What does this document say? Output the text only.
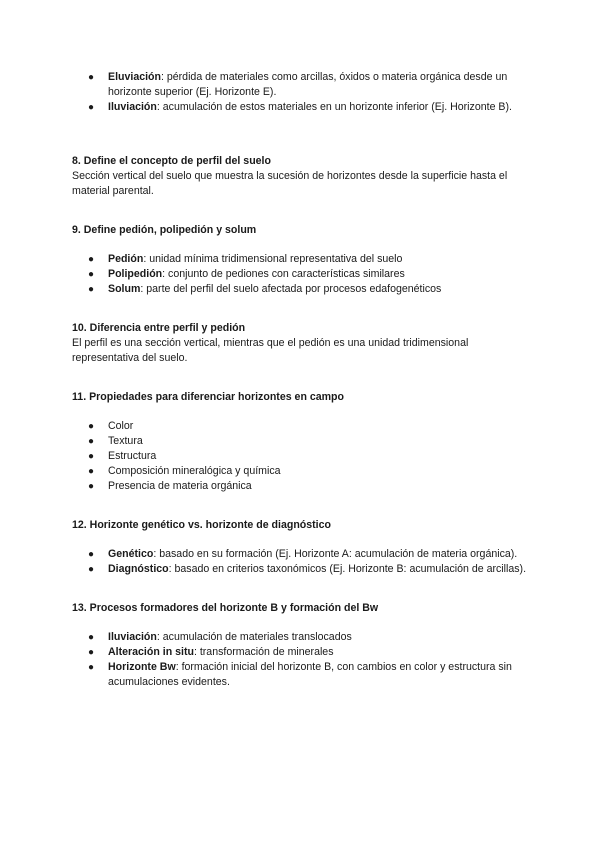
● Eluviación: pérdida de materiales como arcillas, óxidos o materia orgánica desde un horizonte superior (Ej. Horizonte E).
● Iluviación: acumulación de estos materiales en un horizonte inferior (Ej. Horizonte B).
8. Define el concepto de perfil del suelo

Sección vertical del suelo que muestra la sucesión de horizontes desde la superficie hasta el material parental.

9. Define pedión, polipedión y solum
● Pedión: unidad mínima tridimensional representativa del suelo
● Polipedión: conjunto de pediones con características similares
● Solum: parte del perfil del suelo afectada por procesos edafogenéticos
10. Diferencia entre perfil y pedión

El perfil es una sección vertical, mientras que el pedión es una unidad tridimensional representativa del suelo.

11. Propiedades para diferenciar horizontes en campo
● Color
● Textura
● Estructura
● Composición mineralógica y química
● Presencia de materia orgánica
12. Horizonte genético vs. horizonte de diagnóstico
● Genético: basado en su formación (Ej. Horizonte A: acumulación de materia orgánica).
● Diagnóstico: basado en criterios taxonómicos (Ej. Horizonte B: acumulación de arcillas).
13. Procesos formadores del horizonte B y formación del Bw
● Iluviación: acumulación de materiales translocados
● Alteración in situ: transformación de minerales
● Horizonte Bw: formación inicial del horizonte B, con cambios en color y estructura sin acumulaciones evidentes.
